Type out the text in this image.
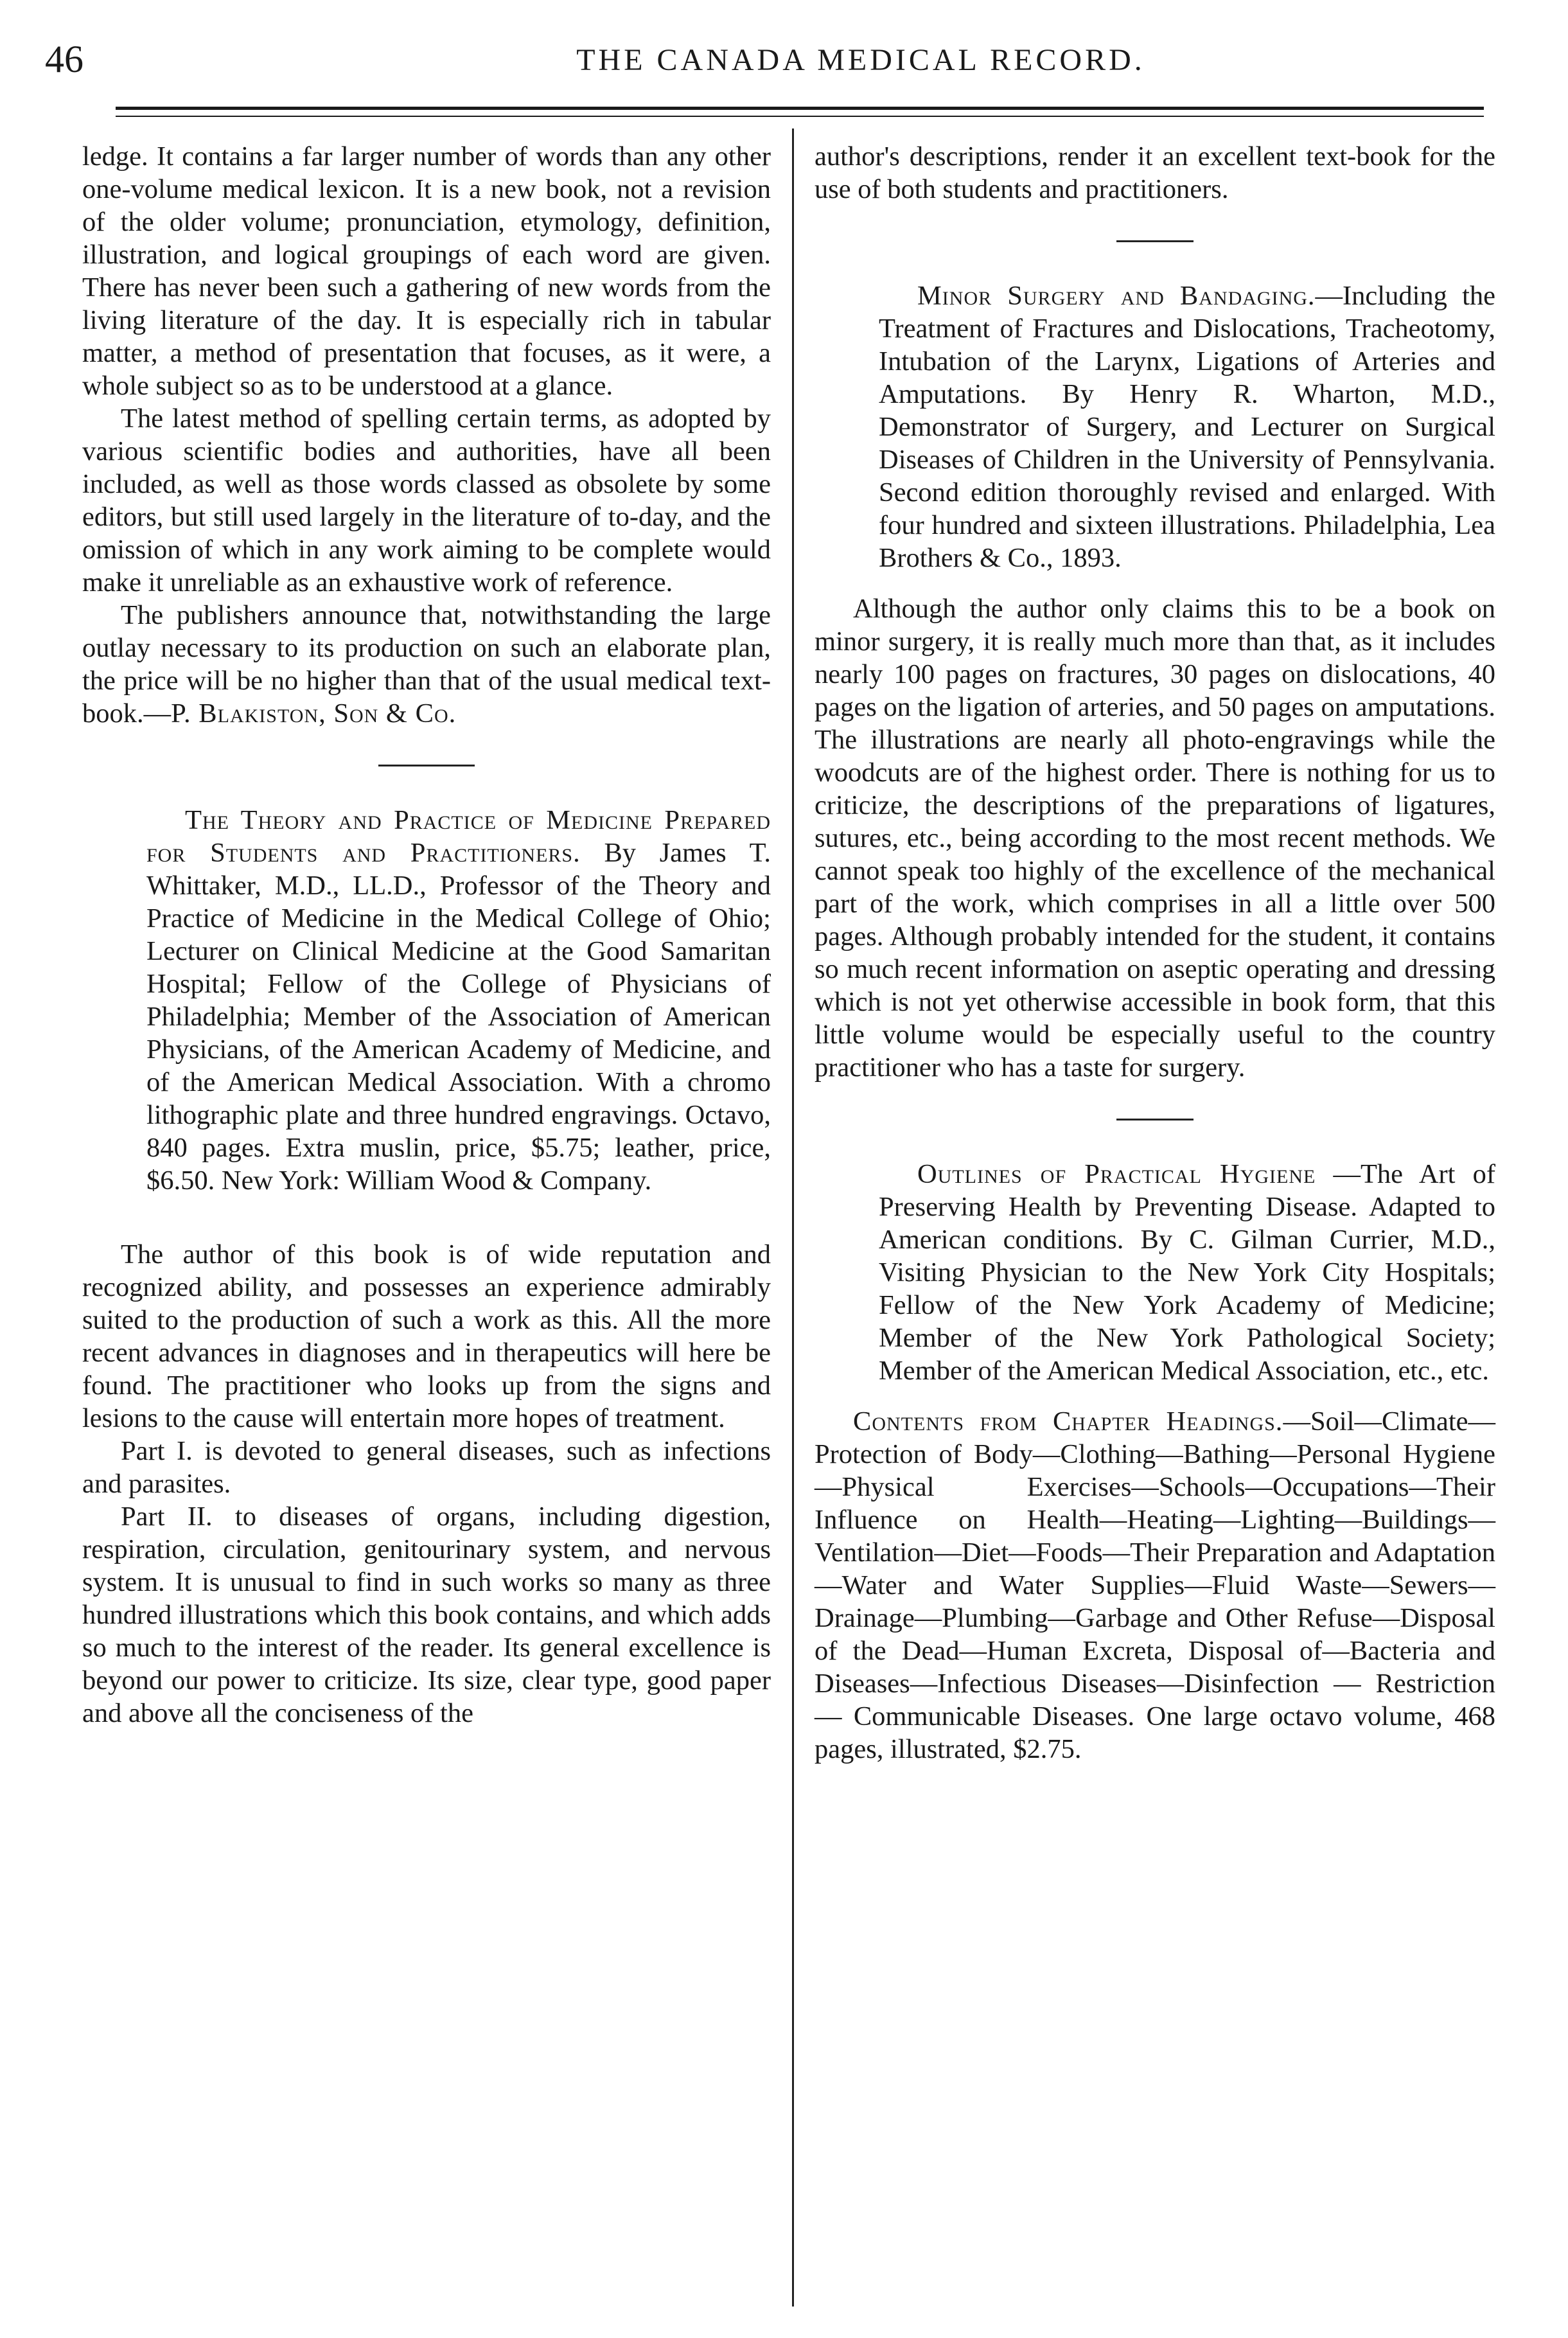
46	THE CANADA MEDICAL RECORD.

ledge. It contains a far larger number of words than any other one-volume medical lexicon. It is a new book, not a revision of the older volume; pronunciation, etymology, definition, illustration, and logical groupings of each word are given. There has never been such a gathering of new words from the living literature of the day. It is especially rich in tabular matter, a method of presentation that focuses, as it were, a whole subject so as to be understood at a glance.

The latest method of spelling certain terms, as adopted by various scientific bodies and authorities, have all been included, as well as those words classed as obsolete by some editors, but still used largely in the literature of to-day, and the omission of which in any work aiming to be complete would make it unreliable as an exhaustive work of reference.

The publishers announce that, notwithstanding the large outlay necessary to its production on such an elaborate plan, the price will be no higher than that of the usual medical text-book.—P. Blakiston, Son & Co.

The Theory and Practice of Medicine Prepared for Students and Practitioners. By James T. Whittaker, M.D., LL.D., Professor of the Theory and Practice of Medicine in the Medical College of Ohio; Lecturer on Clinical Medicine at the Good Samaritan Hospital; Fellow of the College of Physicians of Philadelphia; Member of the Association of American Physicians, of the American Academy of Medicine, and of the American Medical Association. With a chromo lithographic plate and three hundred engravings. Octavo, 840 pages. Extra muslin, price, $5.75; leather, price, $6.50. New York: William Wood & Company.

The author of this book is of wide reputation and recognized ability, and possesses an experience admirably suited to the production of such a work as this. All the more recent advances in diagnoses and in therapeutics will here be found. The practitioner who looks up from the signs and lesions to the cause will entertain more hopes of treatment.

Part I. is devoted to general diseases, such as infections and parasites.

Part II. to diseases of organs, including digestion, respiration, circulation, genitourinary system, and nervous system. It is unusual to find in such works so many as three hundred illustrations which this book contains, and which adds so much to the interest of the reader. Its general excellence is beyond our power to criticize. Its size, clear type, good paper and above all the conciseness of the

author's descriptions, render it an excellent text-book for the use of both students and practitioners.

Minor Surgery and Bandaging.—Including the Treatment of Fractures and Dislocations, Tracheotomy, Intubation of the Larynx, Ligations of Arteries and Amputations. By Henry R. Wharton, M.D., Demonstrator of Surgery, and Lecturer on Surgical Diseases of Children in the University of Pennsylvania. Second edition thoroughly revised and enlarged. With four hundred and sixteen illustrations. Philadelphia, Lea Brothers & Co., 1893.

Although the author only claims this to be a book on minor surgery, it is really much more than that, as it includes nearly 100 pages on fractures, 30 pages on dislocations, 40 pages on the ligation of arteries, and 50 pages on amputations. The illustrations are nearly all photo-engravings while the woodcuts are of the highest order. There is nothing for us to criticize, the descriptions of the preparations of ligatures, sutures, etc., being according to the most recent methods. We cannot speak too highly of the excellence of the mechanical part of the work, which comprises in all a little over 500 pages. Although probably intended for the student, it contains so much recent information on aseptic operating and dressing which is not yet otherwise accessible in book form, that this little volume would be especially useful to the country practitioner who has a taste for surgery.

Outlines of Practical Hygiene —The Art of Preserving Health by Preventing Disease. Adapted to American conditions. By C. Gilman Currier, M.D., Visiting Physician to the New York City Hospitals; Fellow of the New York Academy of Medicine; Member of the New York Pathological Society; Member of the American Medical Association, etc., etc.

Contents from Chapter Headings.—Soil—Climate—Protection of Body—Clothing—Bathing—Personal Hygiene—Physical Exercises—Schools—Occupations—Their Influence on Health—Heating—Lighting—Buildings—Ventilation—Diet—Foods—Their Preparation and Adaptation—Water and Water Supplies—Fluid Waste—Sewers—Drainage—Plumbing—Garbage and Other Refuse—Disposal of the Dead—Human Excreta, Disposal of—Bacteria and Diseases—Infectious Diseases—Disinfection — Restriction — Communicable Diseases. One large octavo volume, 468 pages, illustrated, $2.75.
